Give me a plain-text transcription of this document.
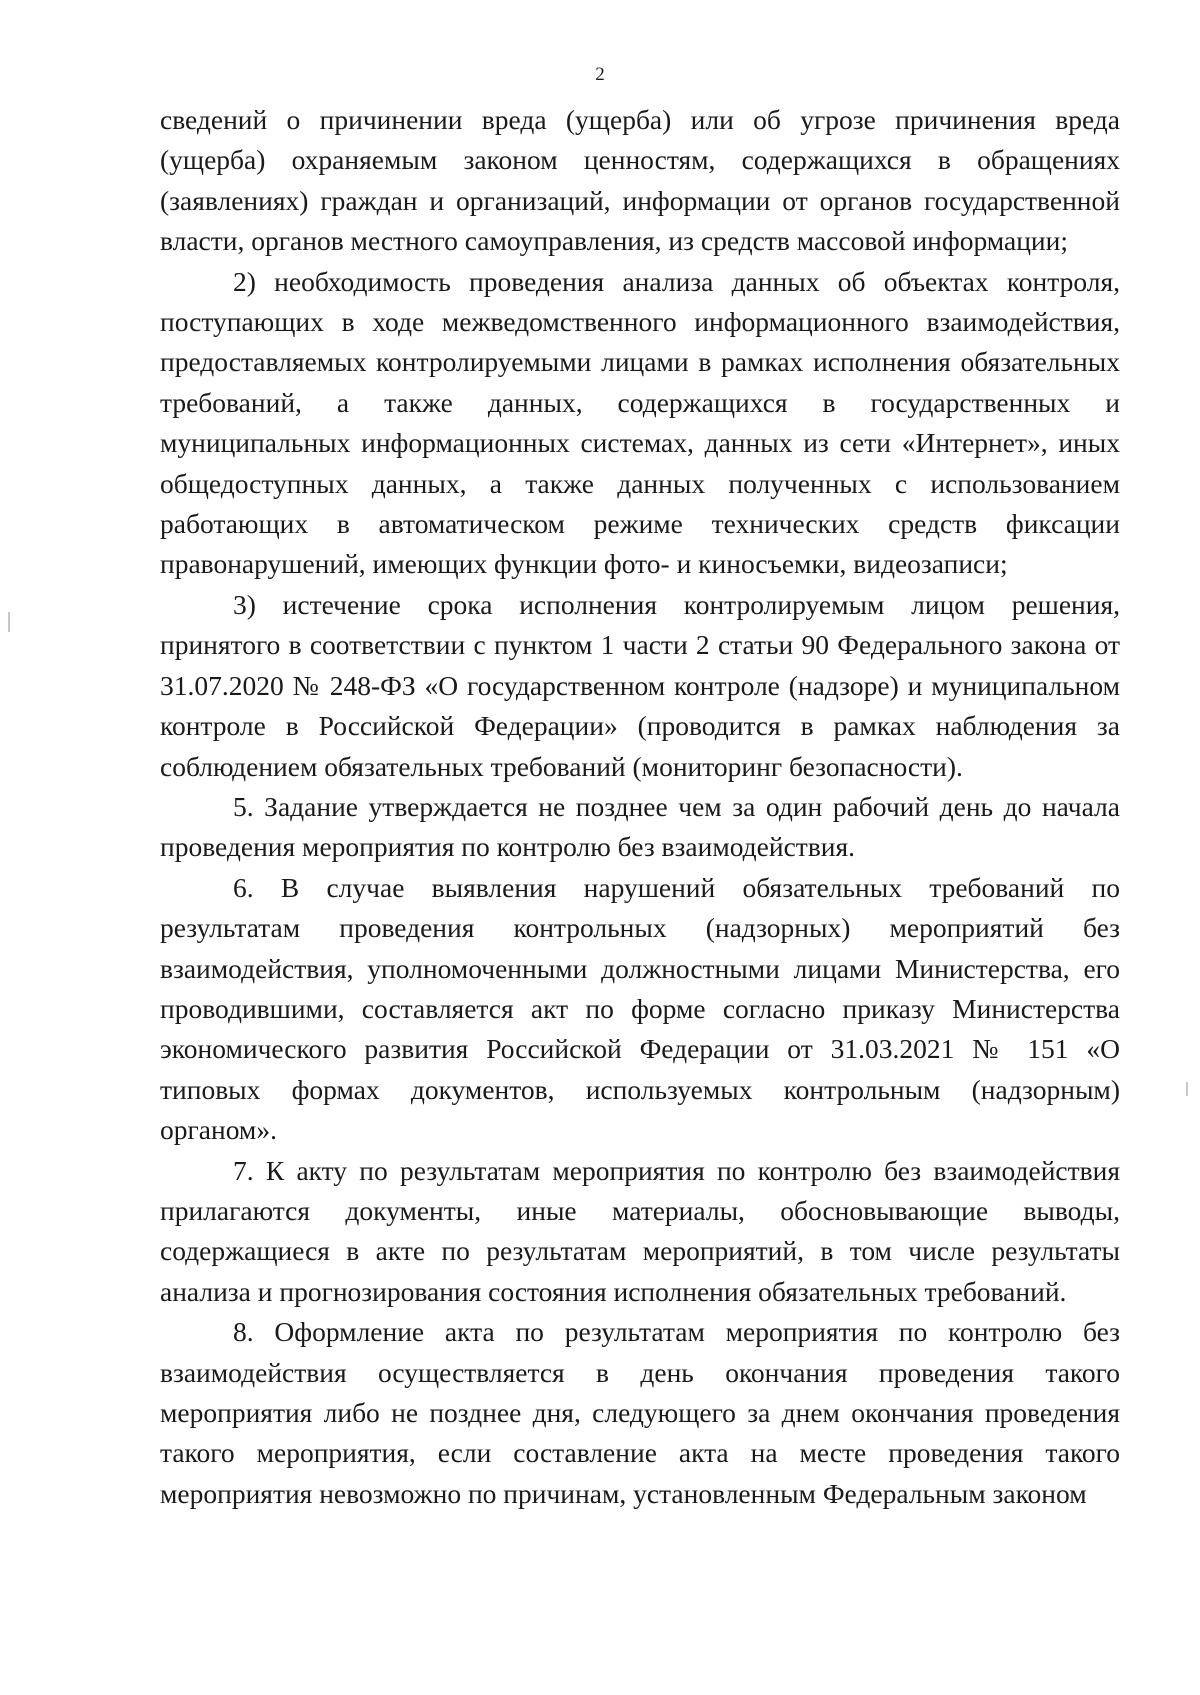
2

сведений о причинении вреда (ущерба) или об угрозе причинения вреда (ущерба) охраняемым законом ценностям, содержащихся в обращениях (заявлениях) граждан и организаций, информации от органов государственной власти, органов местного самоуправления, из средств массовой информации;

2) необходимость проведения анализа данных об объектах контроля, поступающих в ходе межведомственного информационного взаимодействия, предоставляемых контролируемыми лицами в рамках исполнения обязательных требований, а также данных, содержащихся в государственных и муниципальных информационных системах, данных из сети «Интернет», иных общедоступных данных, а также данных полученных с использованием работающих в автоматическом режиме технических средств фиксации правонарушений, имеющих функции фото- и киносъемки, видеозаписи;

3) истечение срока исполнения контролируемым лицом решения, принятого в соответствии с пунктом 1 части 2 статьи 90 Федерального закона от 31.07.2020 № 248-ФЗ «О государственном контроле (надзоре) и муниципальном контроле в Российской Федерации» (проводится в рамках наблюдения за соблюдением обязательных требований (мониторинг безопасности).

5. Задание утверждается не позднее чем за один рабочий день до начала проведения мероприятия по контролю без взаимодействия.

6. В случае выявления нарушений обязательных требований по результатам проведения контрольных (надзорных) мероприятий без взаимодействия, уполномоченными должностными лицами Министерства, его проводившими, составляется акт по форме согласно приказу Министерства экономического развития Российской Федерации от 31.03.2021 № 151 «О типовых формах документов, используемых контрольным (надзорным) органом».

7. К акту по результатам мероприятия по контролю без взаимодействия прилагаются документы, иные материалы, обосновывающие выводы, содержащиеся в акте по результатам мероприятий, в том числе результаты анализа и прогнозирования состояния исполнения обязательных требований.

8. Оформление акта по результатам мероприятия по контролю без взаимодействия осуществляется в день окончания проведения такого мероприятия либо не позднее дня, следующего за днем окончания проведения такого мероприятия, если составление акта на месте проведения такого мероприятия невозможно по причинам, установленным Федеральным законом
